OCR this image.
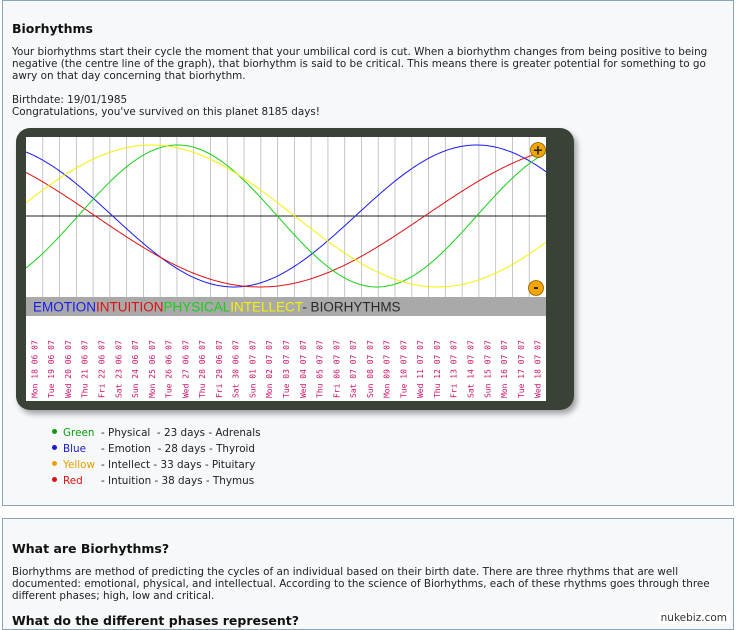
Biorhythms
Your biorhythms start their cycle the moment that your umbilical cord is cut. When a biorhythm changes from being positive to being negative (the centre line of the graph), that biorhythm is said to be critical. This means there is greater potential for something to go awry on that day concerning that biorhythm.
Birthdate: 19/01/1985
Congratulations, you've survived on this planet 8185 days!
EMOTIONINTUITIONPHYSICALINTELLECT- BIORHYTHMS
Mon 18 06 07 Tue 19 06 07 Wed 20 06 07 Thu 21 06 07 Fri 22 06 07 Sat 23 06 07 Sun 24 06 07 Mon 25 06 07 Tue 26 06 07 Wed 27 06 07 Thu 28 06 07 Fri 29 06 07 Sat 30 06 07 Sun 01 07 07 Mon 02 07 07 Tue 03 07 07 Wed 04 07 07 Thu 05 07 07 Fri 06 07 07 Sat 07 07 07 Sun 08 07 07 Mon 09 07 07 Tue 10 07 07 Wed 11 07 07 Thu 12 07 07 Fri 13 07 07 Sat 14 07 07 Sun 15 07 07 Mon 16 07 07 Tue 17 07 07 Wed 18 07 07
+
-
Green - Physical  - 23 days - Adrenals
Blue - Emotion  - 28 days - Thyroid
Yellow - Intellect - 33 days - Pituitary
Red - Intuition - 38 days - Thymus
What are Biorhythms?
Biorhythms are method of predicting the cycles of an individual based on their birth date. There are three rhythms that are well documented: emotional, physical, and intellectual. According to the science of Biorhythms, each of these rhythms goes through three different phases; high, low and critical.
What do the different phases represent?	nukebiz.com
